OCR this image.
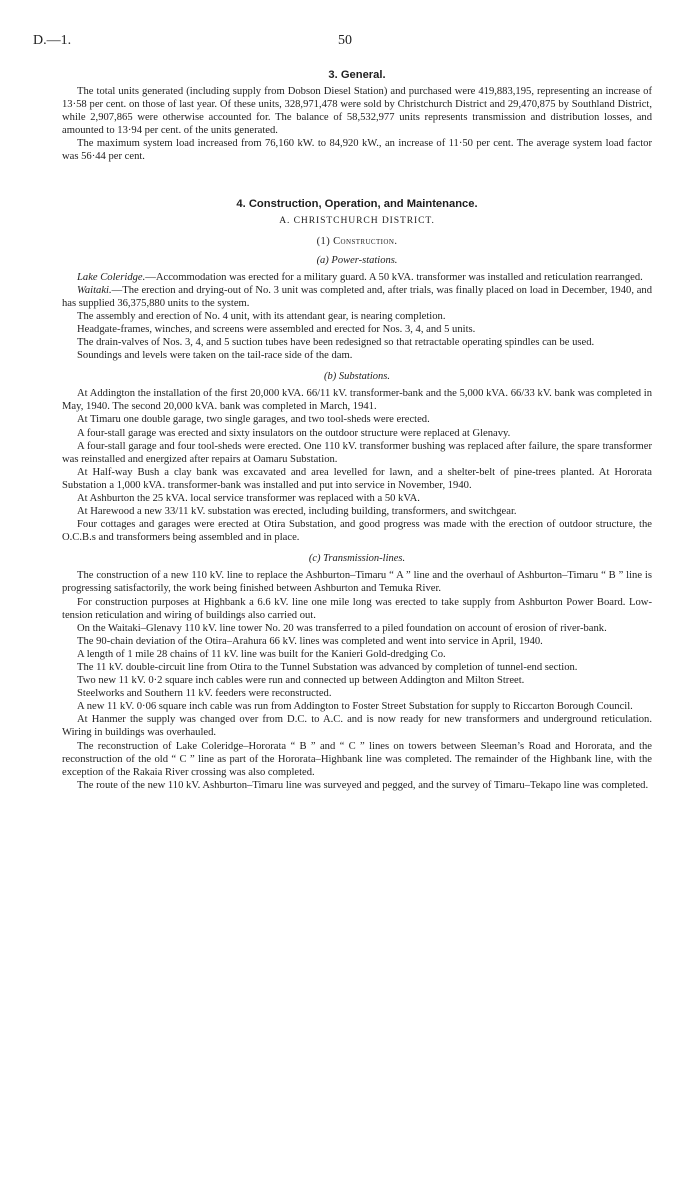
D.—1.	50
3. General.

The total units generated (including supply from Dobson Diesel Station) and purchased were 419,883,195, representing an increase of 13·58 per cent. on those of last year. Of these units, 328,971,478 were sold by Christchurch District and 29,470,875 by Southland District, while 2,907,865 were otherwise accounted for. The balance of 58,532,977 units represents transmission and distribution losses, and amounted to 13·94 per cent. of the units generated.

The maximum system load increased from 76,160 kW. to 84,920 kW., an increase of 11·50 per cent. The average system load factor was 56·44 per cent.

4. Construction, Operation, and Maintenance.
A. CHRISTCHURCH DISTRICT.
(1) Construction.
(a) Power-stations.

Lake Coleridge.—Accommodation was erected for a military guard. A 50 kVA. transformer was installed and reticulation rearranged.

Waitaki.—The erection and drying-out of No. 3 unit was completed and, after trials, was finally placed on load in December, 1940, and has supplied 36,375,880 units to the system.

The assembly and erection of No. 4 unit, with its attendant gear, is nearing completion.

Headgate-frames, winches, and screens were assembled and erected for Nos. 3, 4, and 5 units.

The drain-valves of Nos. 3, 4, and 5 suction tubes have been redesigned so that retractable operating spindles can be used.

Soundings and levels were taken on the tail-race side of the dam.

(b) Substations.

At Addington the installation of the first 20,000 kVA. 66/11 kV. transformer-bank and the 5,000 kVA. 66/33 kV. bank was completed in May, 1940. The second 20,000 kVA. bank was completed in March, 1941.

At Timaru one double garage, two single garages, and two tool-sheds were erected.

A four-stall garage was erected and sixty insulators on the outdoor structure were replaced at Glenavy.

A four-stall garage and four tool-sheds were erected. One 110 kV. transformer bushing was replaced after failure, the spare transformer was reinstalled and energized after repairs at Oamaru Substation.

At Half-way Bush a clay bank was excavated and area levelled for lawn, and a shelter-belt of pine-trees planted. At Hororata Substation a 1,000 kVA. transformer-bank was installed and put into service in November, 1940.

At Ashburton the 25 kVA. local service transformer was replaced with a 50 kVA.

At Harewood a new 33/11 kV. substation was erected, including building, transformers, and switchgear.

Four cottages and garages were erected at Otira Substation, and good progress was made with the erection of outdoor structure, the O.C.B.s and transformers being assembled and in place.

(c) Transmission-lines.

The construction of a new 110 kV. line to replace the Ashburton–Timaru “ A ” line and the overhaul of Ashburton–Timaru “ B ” line is progressing satisfactorily, the work being finished between Ashburton and Temuka River.

For construction purposes at Highbank a 6.6 kV. line one mile long was erected to take supply from Ashburton Power Board. Low-tension reticulation and wiring of buildings also carried out.

On the Waitaki–Glenavy 110 kV. line tower No. 20 was transferred to a piled foundation on account of erosion of river-bank.

The 90-chain deviation of the Otira–Arahura 66 kV. lines was completed and went into service in April, 1940.

A length of 1 mile 28 chains of 11 kV. line was built for the Kanieri Gold-dredging Co.

The 11 kV. double-circuit line from Otira to the Tunnel Substation was advanced by completion of tunnel-end section.

Two new 11 kV. 0·2 square inch cables were run and connected up between Addington and Milton Street.

Steelworks and Southern 11 kV. feeders were reconstructed.

A new 11 kV. 0·06 square inch cable was run from Addington to Foster Street Substation for supply to Riccarton Borough Council.

At Hanmer the supply was changed over from D.C. to A.C. and is now ready for new transformers and underground reticulation. Wiring in buildings was overhauled.

The reconstruction of Lake Coleridge–Hororata “ B ” and “ C ” lines on towers between Sleeman’s Road and Hororata, and the reconstruction of the old “ C ” line as part of the Hororata–Highbank line was completed. The remainder of the Highbank line, with the exception of the Rakaia River crossing was also completed.

The route of the new 110 kV. Ashburton–Timaru line was surveyed and pegged, and the survey of Timaru–Tekapo line was completed.
